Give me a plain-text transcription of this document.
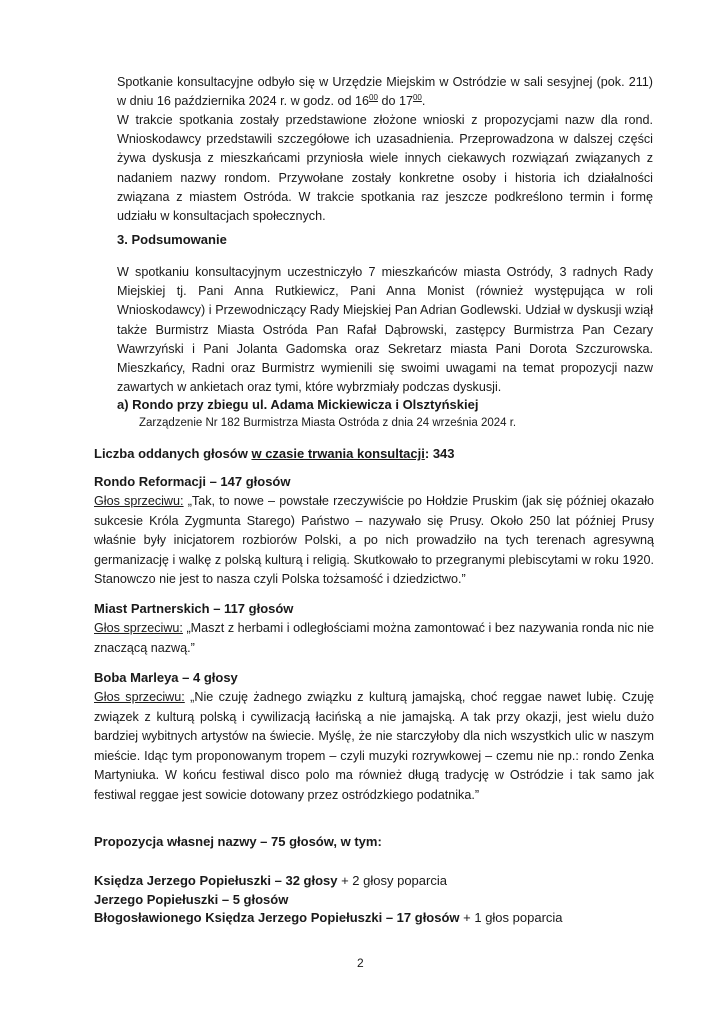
Spotkanie konsultacyjne odbyło się w Urzędzie Miejskim w Ostródzie w sali sesyjnej (pok. 211) w dniu 16 października 2024 r. w godz. od $16^{00}$ do $17^{00}$.

W trakcie spotkania zostały przedstawione złożone wnioski z propozycjami nazw dla rond. Wnioskodawcy przedstawili szczegółowe ich uzasadnienia. Przeprowadzona w dalszej części żywa dyskusja z mieszkańcami przyniosła wiele innych ciekawych rozwiązań związanych z nadaniem nazwy rondom. Przywołane zostały konkretne osoby i historia ich działalności związana z miastem Ostróda. W trakcie spotkania raz jeszcze podkreślono termin i formę udziału w konsultacjach społecznych.

3. Podsumowanie

W spotkaniu konsultacyjnym uczestniczyło 7 mieszkańców miasta Ostródy, 3 radnych Rady Miejskiej tj. Pani Anna Rutkiewicz, Pani Anna Monist (również występująca w roli Wnioskodawcy) i Przewodniczący Rady Miejskiej Pan Adrian Godlewski. Udział w dyskusji wziął także Burmistrz Miasta Ostróda Pan Rafał Dąbrowski, zastępcy Burmistrza Pan Cezary Wawrzyński i Pani Jolanta Gadomska oraz Sekretarz miasta Pani Dorota Szczurowska. Mieszkańcy, Radni oraz Burmistrz wymienili się swoimi uwagami na temat propozycji nazw zawartych w ankietach oraz tymi, które wybrzmiały podczas dyskusji.

a) Rondo przy zbiegu ul. Adama Mickiewicza i Olsztyńskiej

Zarządzenie Nr 182 Burmistrza Miasta Ostróda z dnia 24 września 2024 r.

Liczba oddanych głosów w czasie trwania konsultacji: 343

Rondo Reformacji – 147 głosów

Głos sprzeciwu: „Tak, to nowe – powstałe rzeczywiście po Hołdzie Pruskim (jak się później okazało sukcesie Króla Zygmunta Starego) Państwo – nazywało się Prusy. Około 250 lat później Prusy właśnie były inicjatorem rozbiorów Polski, a po nich prowadziło na tych terenach agresywną germanizację i walkę z polską kulturą i religią. Skutkowało to przegranymi plebiscytami w roku 1920. Stanowczo nie jest to nasza czyli Polska tożsamość i dziedzictwo.”

Miast Partnerskich – 117 głosów

Głos sprzeciwu: „Maszt z herbami i odległościami można zamontować i bez nazywania ronda nic nie znaczącą nazwą.”

Boba Marleya – 4 głosy

Głos sprzeciwu: „Nie czuję żadnego związku z kulturą jamajską, choć reggae nawet lubię. Czuję związek z kulturą polską i cywilizacją łacińską a nie jamajską. A tak przy okazji, jest wielu dużo bardziej wybitnych artystów na świecie. Myślę, że nie starczyłoby dla nich wszystkich ulic w naszym mieście. Idąc tym proponowanym tropem – czyli muzyki rozrywkowej – czemu nie np.: rondo Zenka Martyniuka. W końcu festiwal disco polo ma również długą tradycję w Ostródzie i tak samo jak festiwal reggae jest sowicie dotowany przez ostródzkiego podatnika.”

Propozycja własnej nazwy – 75 głosów, w tym:

Księdza Jerzego Popiełuszki – 32 głosy + 2 głosy poparcia

Jerzego Popiełuszki – 5 głosów

Błogosławionego Księdza Jerzego Popiełuszki – 17 głosów + 1 głos poparcia

2
